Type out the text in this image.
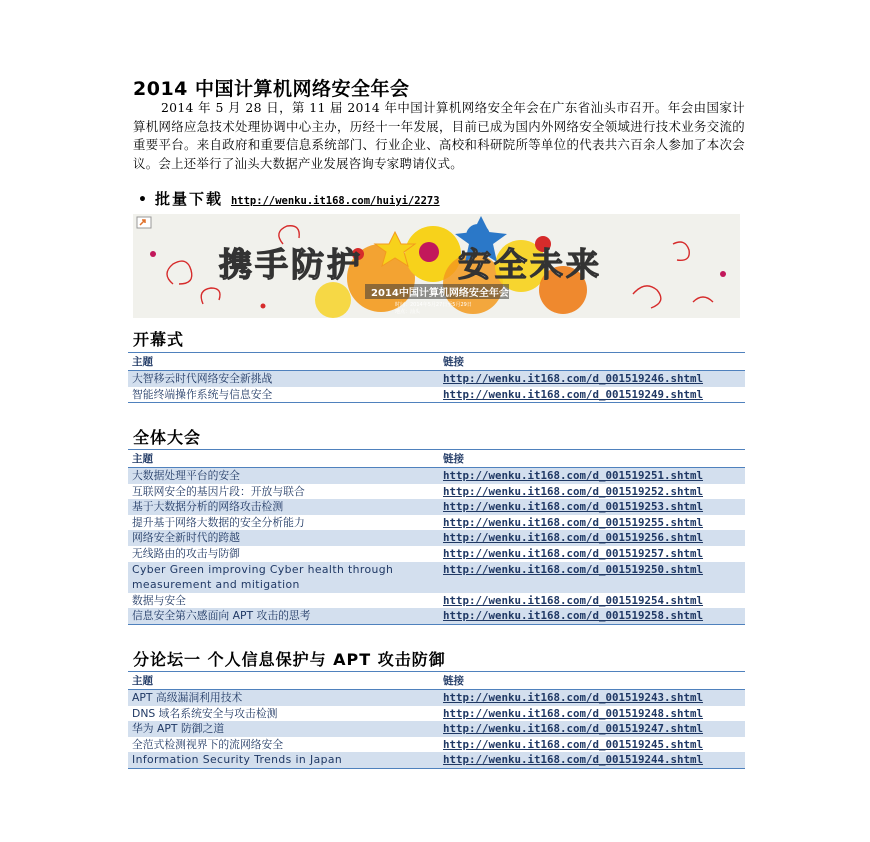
2014 中国计算机网络安全年会
2014 年 5 月 28 日，第 11 届 2014 年中国计算机网络安全年会在广东省汕头市召开。年会由国家计算机网络应急技术处理协调中心主办，历经十一年发展，目前已成为国内外网络安全领域进行技术业务交流的重要平台。来自政府和重要信息系统部门、行业企业、高校和科研院所等单位的代表共六百余人参加了本次会议。会上还举行了汕头大数据产业发展咨询专家聘请仪式。
• 批量下载 http://wenku.it168.com/huiyi/2273
携手防护	安全未来
2014中国计算机网络安全年会
时间：2014年5月27日至5月29日
地点：汕头
开幕式
主题	链接
大智移云时代网络安全新挑战	http://wenku.it168.com/d_001519246.shtml
智能终端操作系统与信息安全	http://wenku.it168.com/d_001519249.shtml
全体大会
主题	链接
大数据处理平台的安全	http://wenku.it168.com/d_001519251.shtml
互联网安全的基因片段：开放与联合	http://wenku.it168.com/d_001519252.shtml
基于大数据分析的网络攻击检测	http://wenku.it168.com/d_001519253.shtml
提升基于网络大数据的安全分析能力	http://wenku.it168.com/d_001519255.shtml
网络安全新时代的跨越	http://wenku.it168.com/d_001519256.shtml
无线路由的攻击与防御	http://wenku.it168.com/d_001519257.shtml
Cyber Green improving Cyber health through measurement and mitigation	http://wenku.it168.com/d_001519250.shtml
数据与安全	http://wenku.it168.com/d_001519254.shtml
信息安全第六感面向 APT 攻击的思考	http://wenku.it168.com/d_001519258.shtml
分论坛一 个人信息保护与 APT 攻击防御
主题	链接
APT 高级漏洞利用技术	http://wenku.it168.com/d_001519243.shtml
DNS 域名系统安全与攻击检测	http://wenku.it168.com/d_001519248.shtml
华为 APT 防御之道	http://wenku.it168.com/d_001519247.shtml
全范式检测视界下的流网络安全	http://wenku.it168.com/d_001519245.shtml
Information Security Trends in Japan	http://wenku.it168.com/d_001519244.shtml
